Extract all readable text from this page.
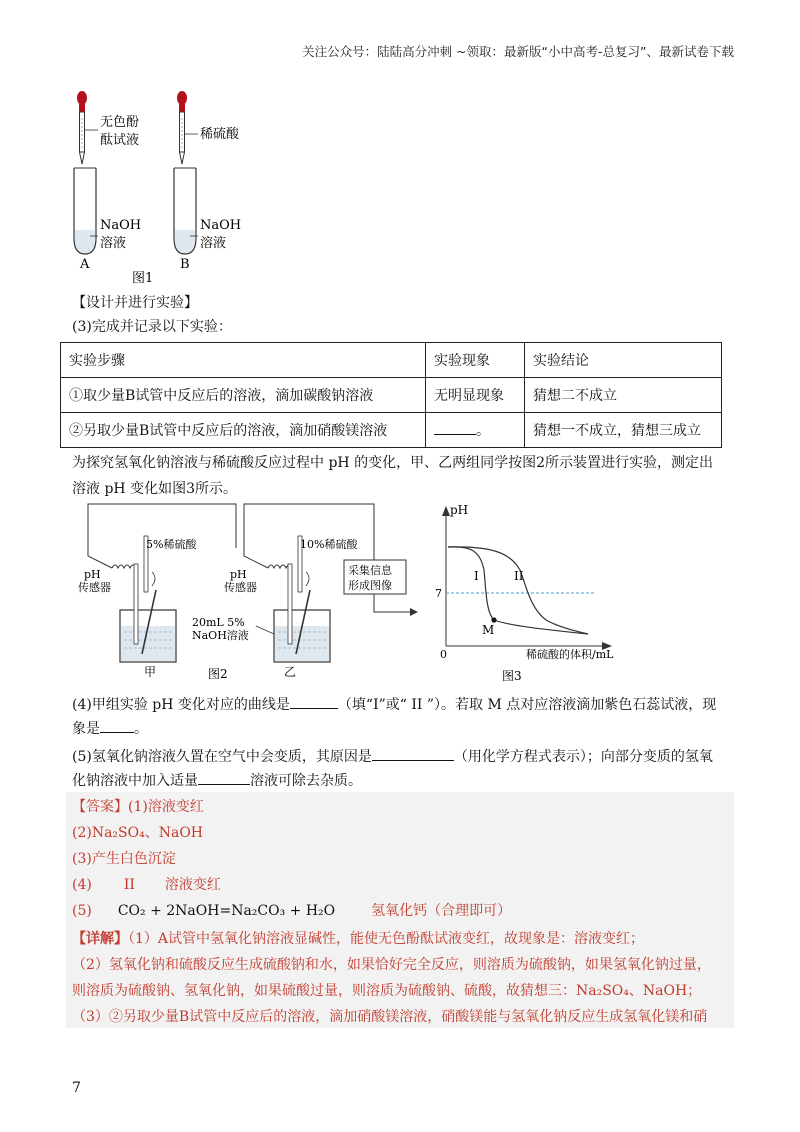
关注公众号：陆陆高分冲刺 ~领取：最新版“小中高考-总复习”、最新试卷下载
无色酚
酞试液	稀硫酸
NaOH
溶液
NaOH
溶液
A	B
图1
【设计并进行实验】
(3)完成并记录以下实验：
实验步骤	实验现象	实验结论
①取少量B试管中反应后的溶液，滴加碳酸钠溶液	无明显现象	猜想二不成立
②另取少量B试管中反应后的溶液，滴加硝酸镁溶液	。	猜想一不成立，猜想三成立
为探究氢氧化钠溶液与稀硫酸反应过程中 pH 的变化，甲、乙两组同学按图2所示装置进行实验，测定出
溶液 pH 变化如图3所示。
采集信息
形成图像
pH
传感器
pH
传感器
5%稀硫酸	10%稀硫酸
20mL 5%
NaOH溶液
甲	乙
图2
pH
7
0
I	II
M
稀硫酸的体积/mL
图3
(4)甲组实验 pH 变化对应的曲线是	（填“I”或“ II ”）。若取 M 点对应溶液滴加紫色石蕊试液，现
象是 。
(5)氢氧化钠溶液久置在空气中会变质，其原因是	（用化学方程式表示）；向部分变质的氢氧
化钠溶液中加入适量	溶液可除去杂质。
【答案】(1)溶液变红
(2)Na₂SO₄、NaOH
(3)产生白色沉淀
(4) II 溶液变红
(5) CO₂ + 2NaOH=Na₂CO₃ + H₂O	氢氧化钙（合理即可）
【详解】（1）A试管中氢氧化钠溶液显碱性，能使无色酚酞试液变红，故现象是：溶液变红；
（2）氢氧化钠和硫酸反应生成硫酸钠和水，如果恰好完全反应，则溶质为硫酸钠，如果氢氧化钠过量，
则溶质为硫酸钠、氢氧化钠，如果硫酸过量，则溶质为硫酸钠、硫酸，故猜想三：Na₂SO₄、NaOH；
（3）②另取少量B试管中反应后的溶液，滴加硝酸镁溶液，硝酸镁能与氢氧化钠反应生成氢氧化镁和硝
7
